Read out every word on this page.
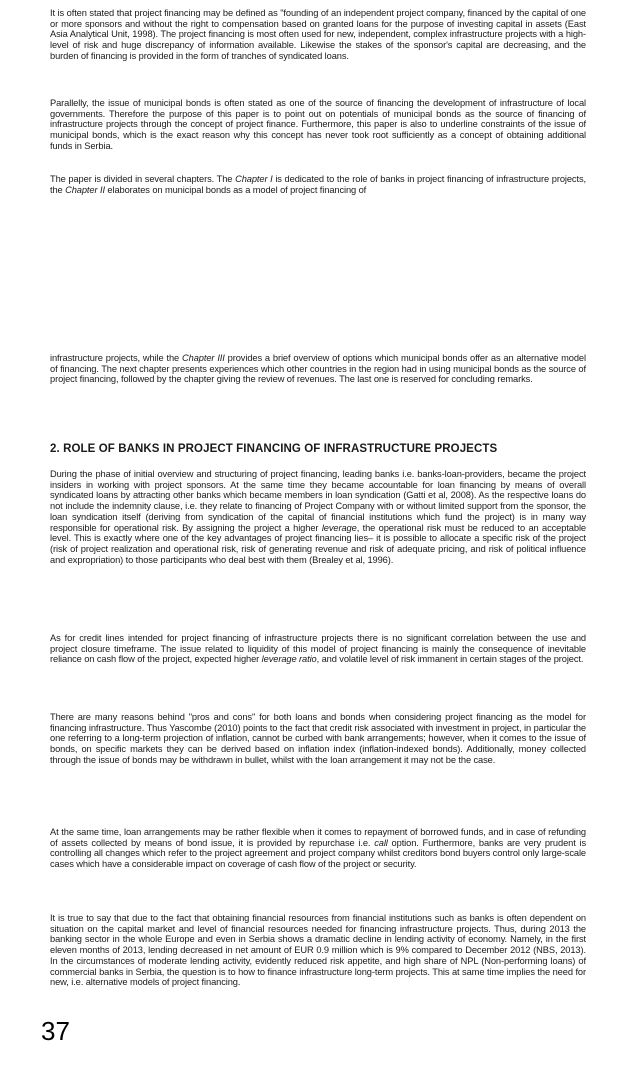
It is often stated that project financing may be defined as "founding of an independent project company, financed by the capital of one or more sponsors and without the right to compensation based on granted loans for the purpose of investing capital in assets (East Asia Analytical Unit, 1998). The project financing is most often used for new, independent, complex infrastructure projects with a high-level of risk and huge discrepancy of information available. Likewise the stakes of the sponsor's capital are decreasing, and the burden of financing is provided in the form of tranches of syndicated loans.

Parallelly, the issue of municipal bonds is often stated as one of the source of financing the development of infrastructure of local governments. Therefore the purpose of this paper is to point out on potentials of municipal bonds as the source of financing of infrastructure projects through the concept of project finance. Furthermore, this paper is also to underline constraints of the issue of municipal bonds, which is the exact reason why this concept has never took root sufficiently as a concept of obtaining additional funds in Serbia.

The paper is divided in several chapters. The Chapter I is dedicated to the role of banks in project financing of infrastructure projects, the Chapter II elaborates on municipal bonds as a model of project financing of

infrastructure projects, while the Chapter III provides a brief overview of options which municipal bonds offer as an alternative model of financing. The next chapter presents experiences which other countries in the region had in using municipal bonds as the source of project financing, followed by the chapter giving the review of revenues. The last one is reserved for concluding remarks.

2. ROLE OF BANKS IN PROJECT FINANCING OF INFRASTRUCTURE PROJECTS

During the phase of initial overview and structuring of project financing, leading banks i.e. banks-loan-providers, became the project insiders in working with project sponsors. At the same time they became accountable for loan financing by means of overall syndicated loans by attracting other banks which became members in loan syndication (Gatti et al, 2008). As the respective loans do not include the indemnity clause, i.e. they relate to financing of Project Company with or without limited support from the sponsor, the loan syndication itself (deriving from syndication of the capital of financial institutions which fund the project) is in many way responsible for operational risk. By assigning the project a higher leverage, the operational risk must be reduced to an acceptable level. This is exactly where one of the key advantages of project financing lies– it is possible to allocate a specific risk of the project (risk of project realization and operational risk, risk of generating revenue and risk of adequate pricing, and risk of political influence and expropriation) to those participants who deal best with them (Brealey et al, 1996).

As for credit lines intended for project financing of infrastructure projects there is no significant correlation between the use and project closure timeframe. The issue related to liquidity of this model of project financing is mainly the consequence of inevitable reliance on cash flow of the project, expected higher leverage ratio, and volatile level of risk immanent in certain stages of the project.

There are many reasons behind "pros and cons" for both loans and bonds when considering project financing as the model for financing infrastructure. Thus Yascombe (2010) points to the fact that credit risk associated with investment in project, in particular the one referring to a long-term projection of inflation, cannot be curbed with bank arrangements; however, when it comes to the issue of bonds, on specific markets they can be derived based on inflation index (inflation-indexed bonds). Additionally, money collected through the issue of bonds may be withdrawn in bullet, whilst with the loan arrangement it may not be the case.

At the same time, loan arrangements may be rather flexible when it comes to repayment of borrowed funds, and in case of refunding of assets collected by means of bond issue, it is provided by repurchase i.e. call option. Furthermore, banks are very prudent is controlling all changes which refer to the project agreement and project company whilst creditors bond buyers control only large-scale cases which have a considerable impact on coverage of cash flow of the project or security.

It is true to say that due to the fact that obtaining financial resources from financial institutions such as banks is often dependent on situation on the capital market and level of financial resources needed for financing infrastructure projects. Thus, during 2013 the banking sector in the whole Europe and even in Serbia shows a dramatic decline in lending activity of economy. Namely, in the first eleven months of 2013, lending decreased in net amount of EUR 0.9 million which is 9% compared to December 2012 (NBS, 2013). In the circumstances of moderate lending activity, evidently reduced risk appetite, and high share of NPL (Non-performing loans) of commercial banks in Serbia, the question is to how to finance infrastructure long-term projects. This at same time implies the need for new, i.e. alternative models of project financing.

37
